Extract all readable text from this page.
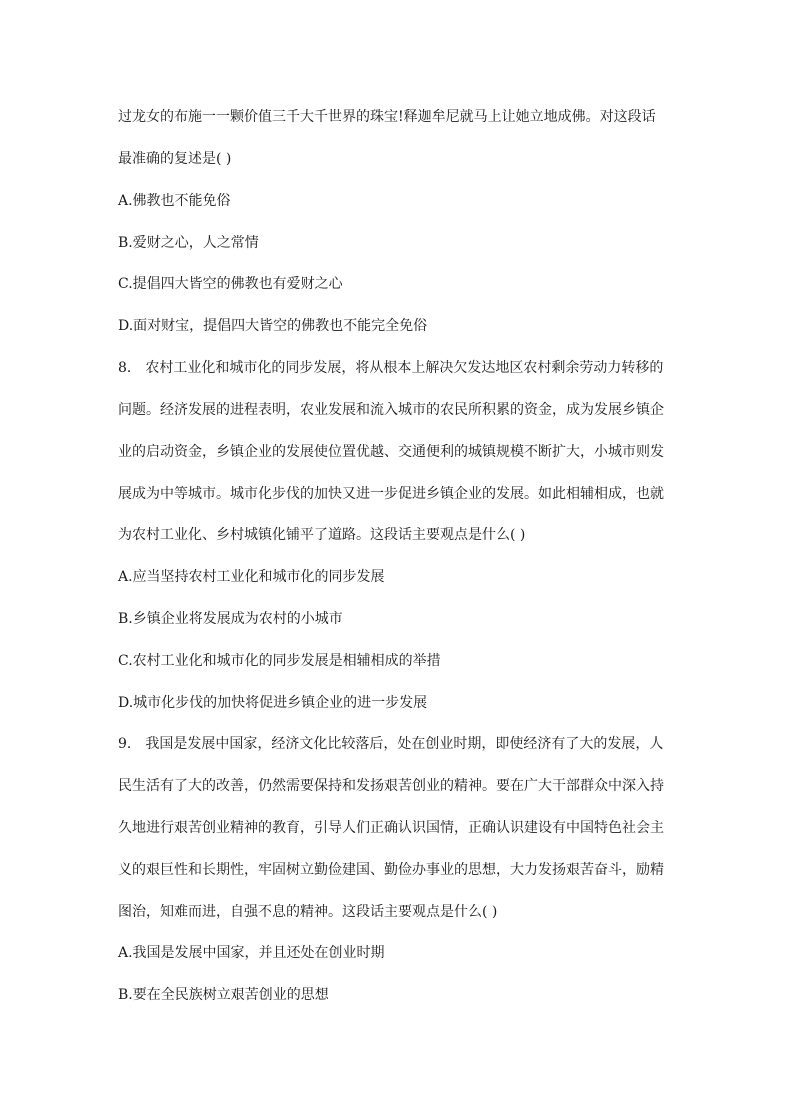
过龙女的布施一一颗价值三千大千世界的珠宝!释迦牟尼就马上让她立地成佛。对这段话
最准确的复述是( )
A.佛教也不能免俗
B.爱财之心，人之常情
C.提倡四大皆空的佛教也有爱财之心
D.面对财宝，提倡四大皆空的佛教也不能完全免俗
8． 农村工业化和城市化的同步发展，将从根本上解决欠发达地区农村剩余劳动力转移的
问题。经济发展的进程表明，农业发展和流入城市的农民所积累的资金，成为发展乡镇企
业的启动资金，乡镇企业的发展使位置优越、交通便利的城镇规模不断扩大，小城市则发
展成为中等城市。城市化步伐的加快又进一步促进乡镇企业的发展。如此相辅相成，也就
为农村工业化、乡村城镇化铺平了道路。这段话主要观点是什么( )
A.应当坚持农村工业化和城市化的同步发展
B.乡镇企业将发展成为农村的小城市
C.农村工业化和城市化的同步发展是相辅相成的举措
D.城市化步伐的加快将促进乡镇企业的进一步发展
9． 我国是发展中国家，经济文化比较落后，处在创业时期，即使经济有了大的发展，人
民生活有了大的改善，仍然需要保持和发扬艰苦创业的精神。要在广大干部群众中深入持
久地进行艰苦创业精神的教育，引导人们正确认识国情，正确认识建设有中国特色社会主
义的艰巨性和长期性，牢固树立勤俭建国、勤俭办事业的思想，大力发扬艰苦奋斗，励精
图治，知难而进，自强不息的精神。这段话主要观点是什么( )
A.我国是发展中国家，并且还处在创业时期
B.要在全民族树立艰苦创业的思想
